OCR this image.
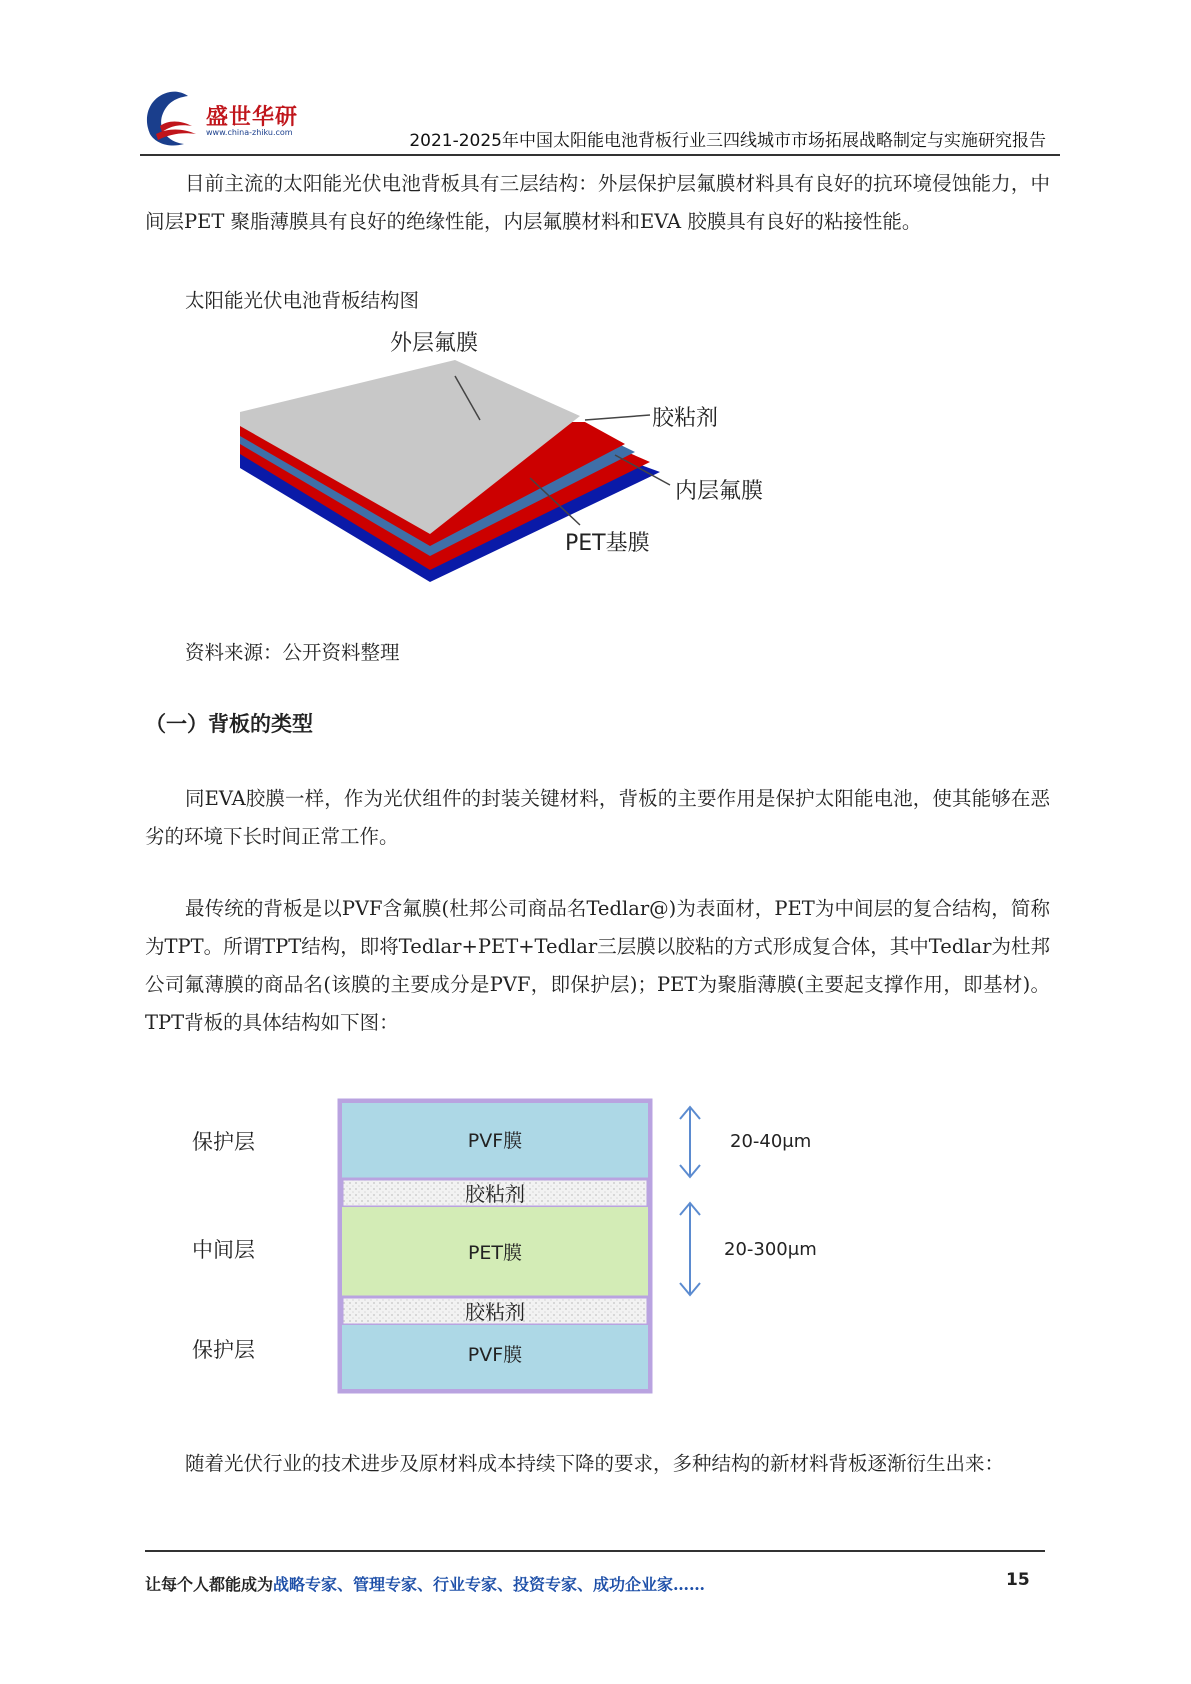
盛世华研
www.china-zhiku.com	2021-2025年中国太阳能电池背板行业三四线城市市场拓展战略制定与实施研究报告

目前主流的太阳能光伏电池背板具有三层结构：外层保护层氟膜材料具有良好的抗环境侵蚀能力，中间层PET 聚脂薄膜具有良好的绝缘性能，内层氟膜材料和EVA 胶膜具有良好的粘接性能。

太阳能光伏电池背板结构图

外层氟膜
胶粘剂
内层氟膜
PET基膜

资料来源：公开资料整理

（一）背板的类型

同EVA胶膜一样，作为光伏组件的封装关键材料，背板的主要作用是保护太阳能电池，使其能够在恶劣的环境下长时间正常工作。

最传统的背板是以PVF含氟膜(杜邦公司商品名Tedlar@)为表面材，PET为中间层的复合结构，简称为TPT。所谓TPT结构，即将Tedlar+PET+Tedlar三层膜以胶粘的方式形成复合体，其中Tedlar为杜邦公司氟薄膜的商品名(该膜的主要成分是PVF，即保护层)；PET为聚脂薄膜(主要起支撑作用，即基材)。TPT背板的具体结构如下图：

保护层
中间层
保护层
PVF膜
胶粘剂
PET膜
胶粘剂
PVF膜
20-40μm
20-300μm

随着光伏行业的技术进步及原材料成本持续下降的要求，多种结构的新材料背板逐渐衍生出来：

让每个人都能成为战略专家、管理专家、行业专家、投资专家、成功企业家……	15
